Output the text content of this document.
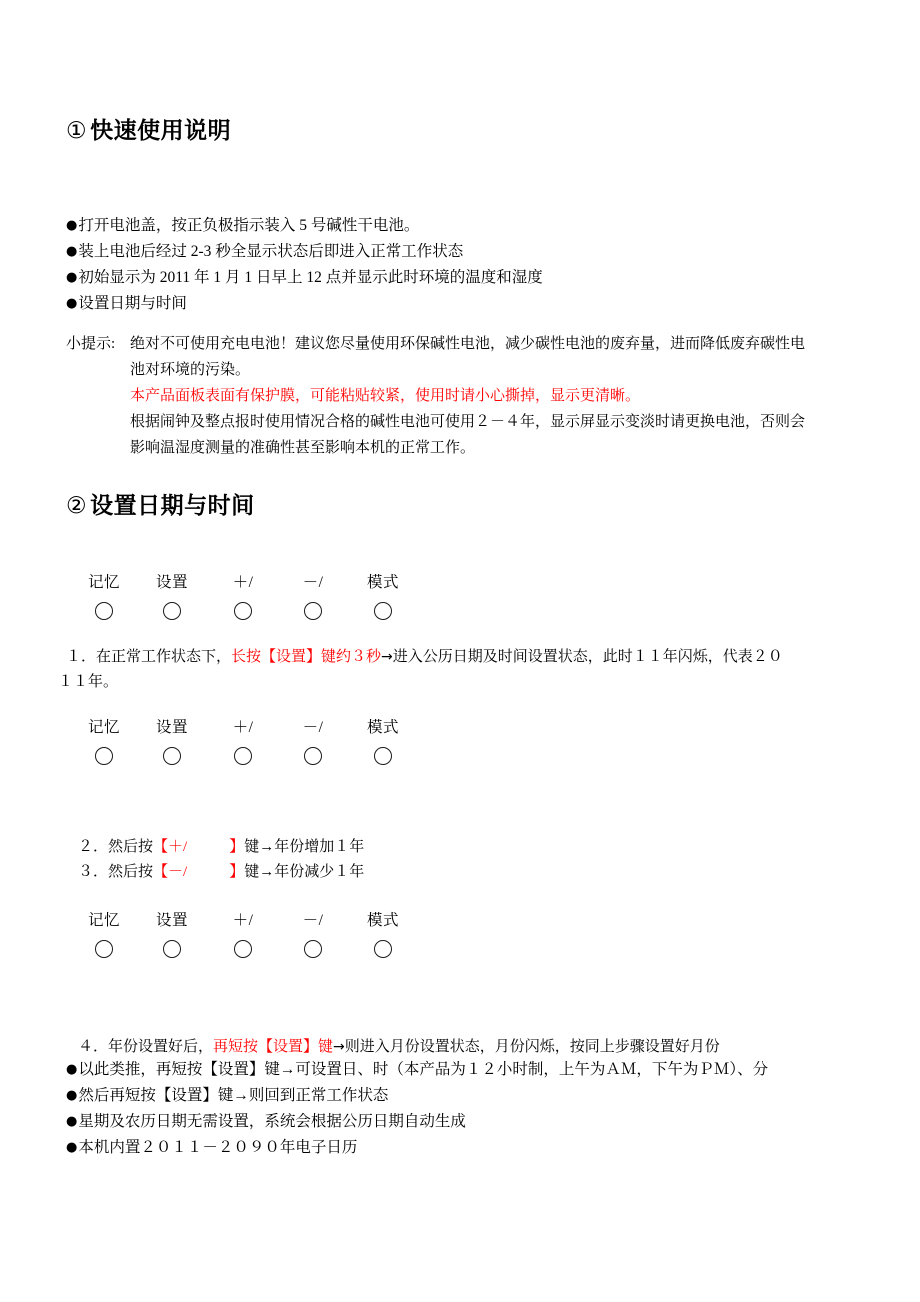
① 快速使用说明
●打开电池盖，按正负极指示装入 5 号碱性干电池。
●装上电池后经过 2-3 秒全显示状态后即进入正常工作状态
●初始显示为 2011 年 1 月 1 日早上 12 点并显示此时环境的温度和湿度
●设置日期与时间
小提示: 绝对不可使用充电电池！建议您尽量使用环保碱性电池，减少碳性电池的废弃量，进而降低废弃碳性电
池对环境的污染。
本产品面板表面有保护膜，可能粘贴较紧，使用时请小心撕掉，显示更清晰。
根据闹钟及整点报时使用情况合格的碱性电池可使用２－４年，显示屏显示变淡时请更换电池，否则会
影响温湿度测量的准确性甚至影响本机的正常工作。
② 设置日期与时间
记忆 设置	＋/	－/	模式
１．在正常工作状态下，长按【设置】键约３秒→进入公历日期及时间设置状态，此时１１年闪烁，代表２０
１１年。
记忆 设置	＋/	－/	模式
２．然后按【＋/	】键→年份增加１年
３．然后按【－/	】键→年份减少１年
记忆 设置	＋/	－/	模式
４．年份设置好后，再短按【设置】键→则进入月份设置状态，月份闪烁，按同上步骤设置好月份
●以此类推，再短按【设置】键→可设置日、时（本产品为１２小时制，上午为ＡＭ，下午为ＰＭ）、分
●然后再短按【设置】键→则回到正常工作状态
●星期及农历日期无需设置，系统会根据公历日期自动生成
●本机内置２０１１－２０９０年电子日历
